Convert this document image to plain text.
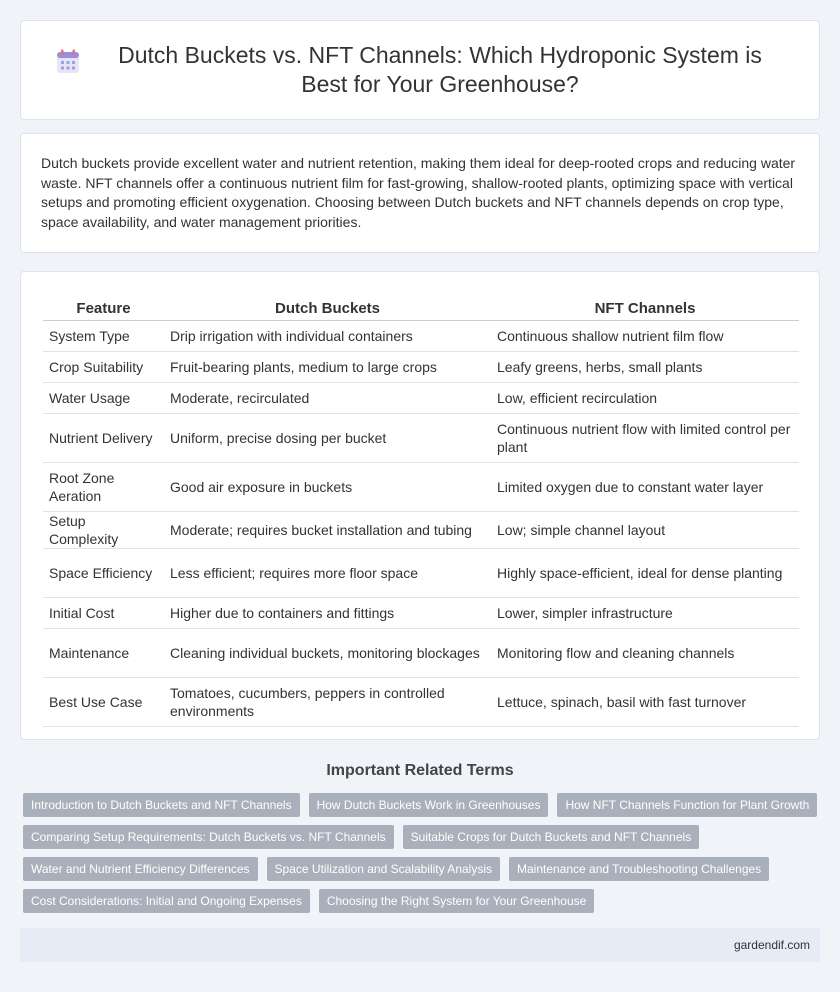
Dutch Buckets vs. NFT Channels: Which Hydroponic System is Best for Your Greenhouse?

Dutch buckets provide excellent water and nutrient retention, making them ideal for deep-rooted crops and reducing water waste. NFT channels offer a continuous nutrient film for fast-growing, shallow-rooted plants, optimizing space with vertical setups and promoting efficient oxygenation. Choosing between Dutch buckets and NFT channels depends on crop type, space availability, and water management priorities.

Feature	Dutch Buckets	NFT Channels
System Type	Drip irrigation with individual containers	Continuous shallow nutrient film flow
Crop Suitability	Fruit-bearing plants, medium to large crops	Leafy greens, herbs, small plants
Water Usage	Moderate, recirculated	Low, efficient recirculation
Nutrient Delivery	Uniform, precise dosing per bucket	Continuous nutrient flow with limited control per plant
Root Zone Aeration	Good air exposure in buckets	Limited oxygen due to constant water layer
Setup Complexity	Moderate; requires bucket installation and tubing	Low; simple channel layout
Space Efficiency	Less efficient; requires more floor space	Highly space-efficient, ideal for dense planting
Initial Cost	Higher due to containers and fittings	Lower, simpler infrastructure
Maintenance	Cleaning individual buckets, monitoring blockages	Monitoring flow and cleaning channels
Best Use Case	Tomatoes, cucumbers, peppers in controlled environments	Lettuce, spinach, basil with fast turnover
Important Related Terms
Introduction to Dutch Buckets and NFT Channels	How Dutch Buckets Work in Greenhouses	How NFT Channels Function for Plant Growth
Comparing Setup Requirements: Dutch Buckets vs. NFT Channels	Suitable Crops for Dutch Buckets and NFT Channels
Water and Nutrient Efficiency Differences	Space Utilization and Scalability Analysis	Maintenance and Troubleshooting Challenges
Cost Considerations: Initial and Ongoing Expenses	Choosing the Right System for Your Greenhouse
gardendif.com
